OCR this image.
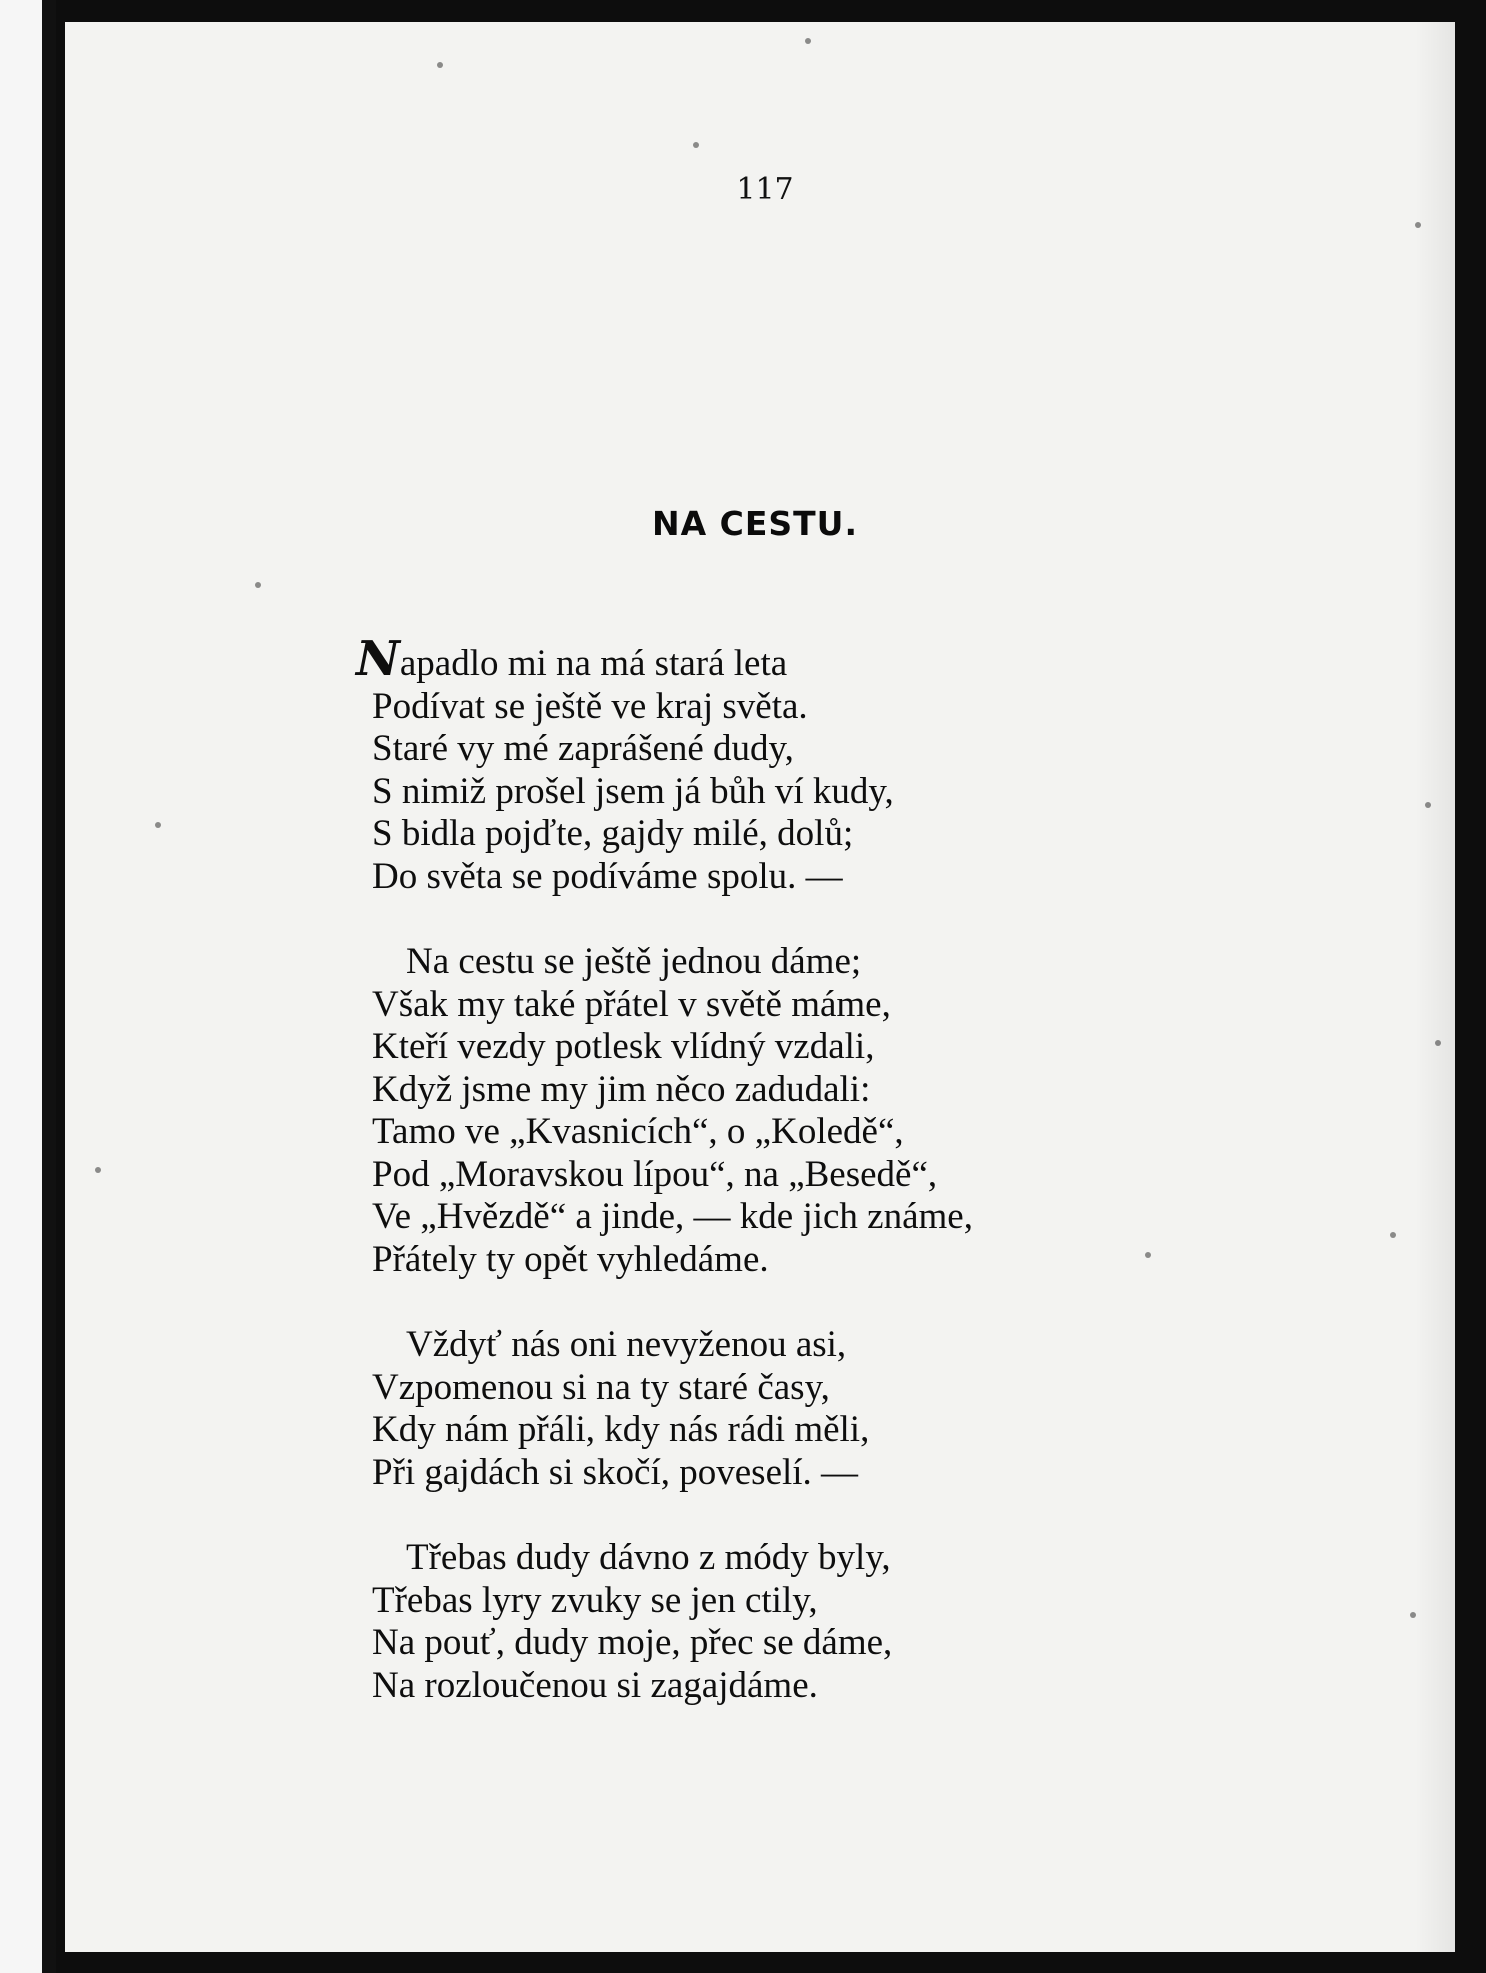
117
NA CESTU.
Napadlo mi na má stará leta
Podívat se ještě ve kraj světa.
Staré vy mé zaprášené dudy,
S nimiž prošel jsem já bůh ví kudy,
S bidla pojďte, gajdy milé, dolů;
Do světa se podíváme spolu. —
Na cestu se ještě jednou dáme;
Však my také přátel v světě máme,
Kteří vezdy potlesk vlídný vzdali,
Když jsme my jim něco zadudali:
Tamo ve „Kvasnicích“, o „Koledě“,
Pod „Moravskou lípou“, na „Besedě“,
Ve „Hvězdě“ a jinde, — kde jich známe,
Přátely ty opět vyhledáme.
Vždyť nás oni nevyženou asi,
Vzpomenou si na ty staré časy,
Kdy nám přáli, kdy nás rádi měli,
Při gajdách si skočí, poveselí. —
Třebas dudy dávno z módy byly,
Třebas lyry zvuky se jen ctily,
Na pouť, dudy moje, přec se dáme,
Na rozloučenou si zagajdáme.
